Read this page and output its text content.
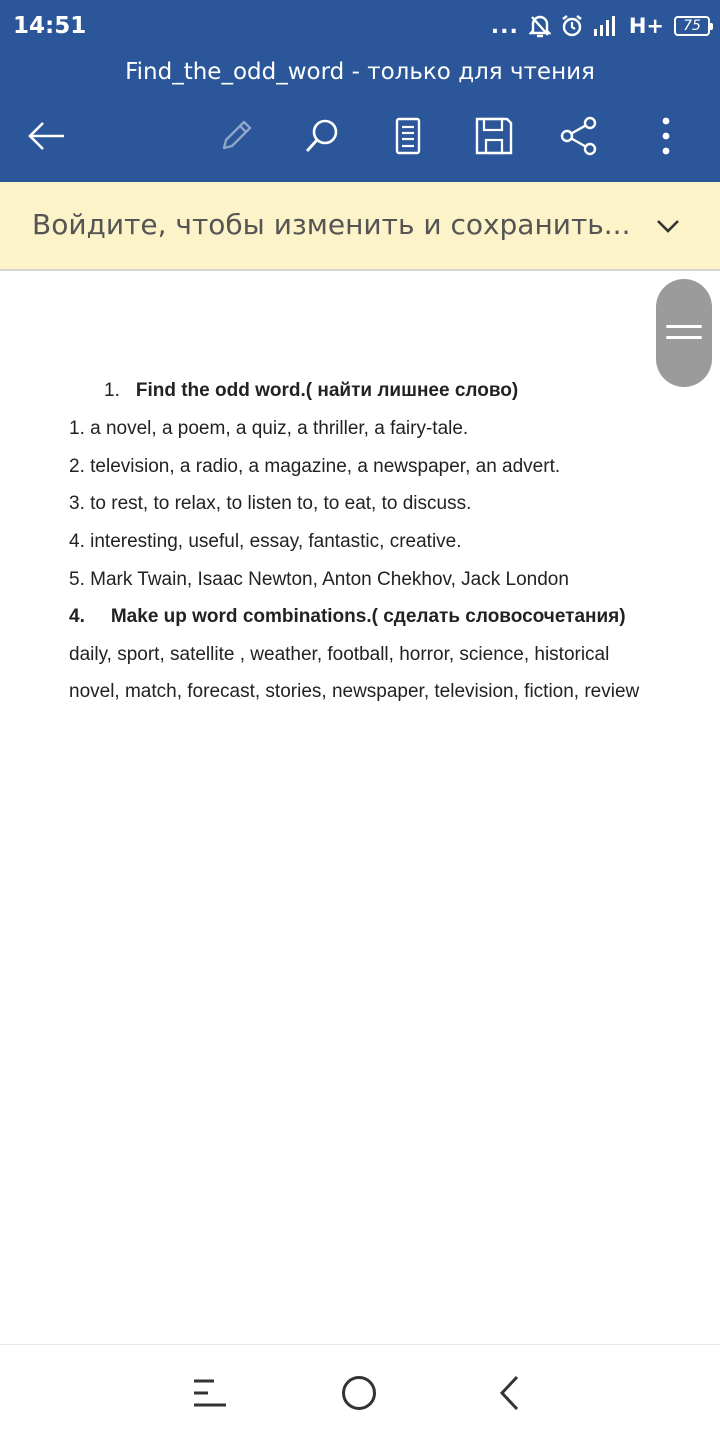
14:51	...	H+ 75
Find_the_odd_word - только для чтения
Войдите, чтобы изменить и сохранить...
1. Find the odd word.( найти лишнее слово)
1. a novel, a poem, a quiz, a thriller, a fairy-tale.
2. television, a radio, a magazine, a newspaper, an advert.
3. to rest, to relax, to listen to, to eat, to discuss.
4. interesting, useful, essay, fantastic, creative.
5. Mark Twain, Isaac Newton, Anton Chekhov, Jack London
4. Make up word combinations.( сделать словосочетания)
daily, sport, satellite , weather, football, horror, science, historical
novel, match, forecast, stories, newspaper, television, fiction, review
